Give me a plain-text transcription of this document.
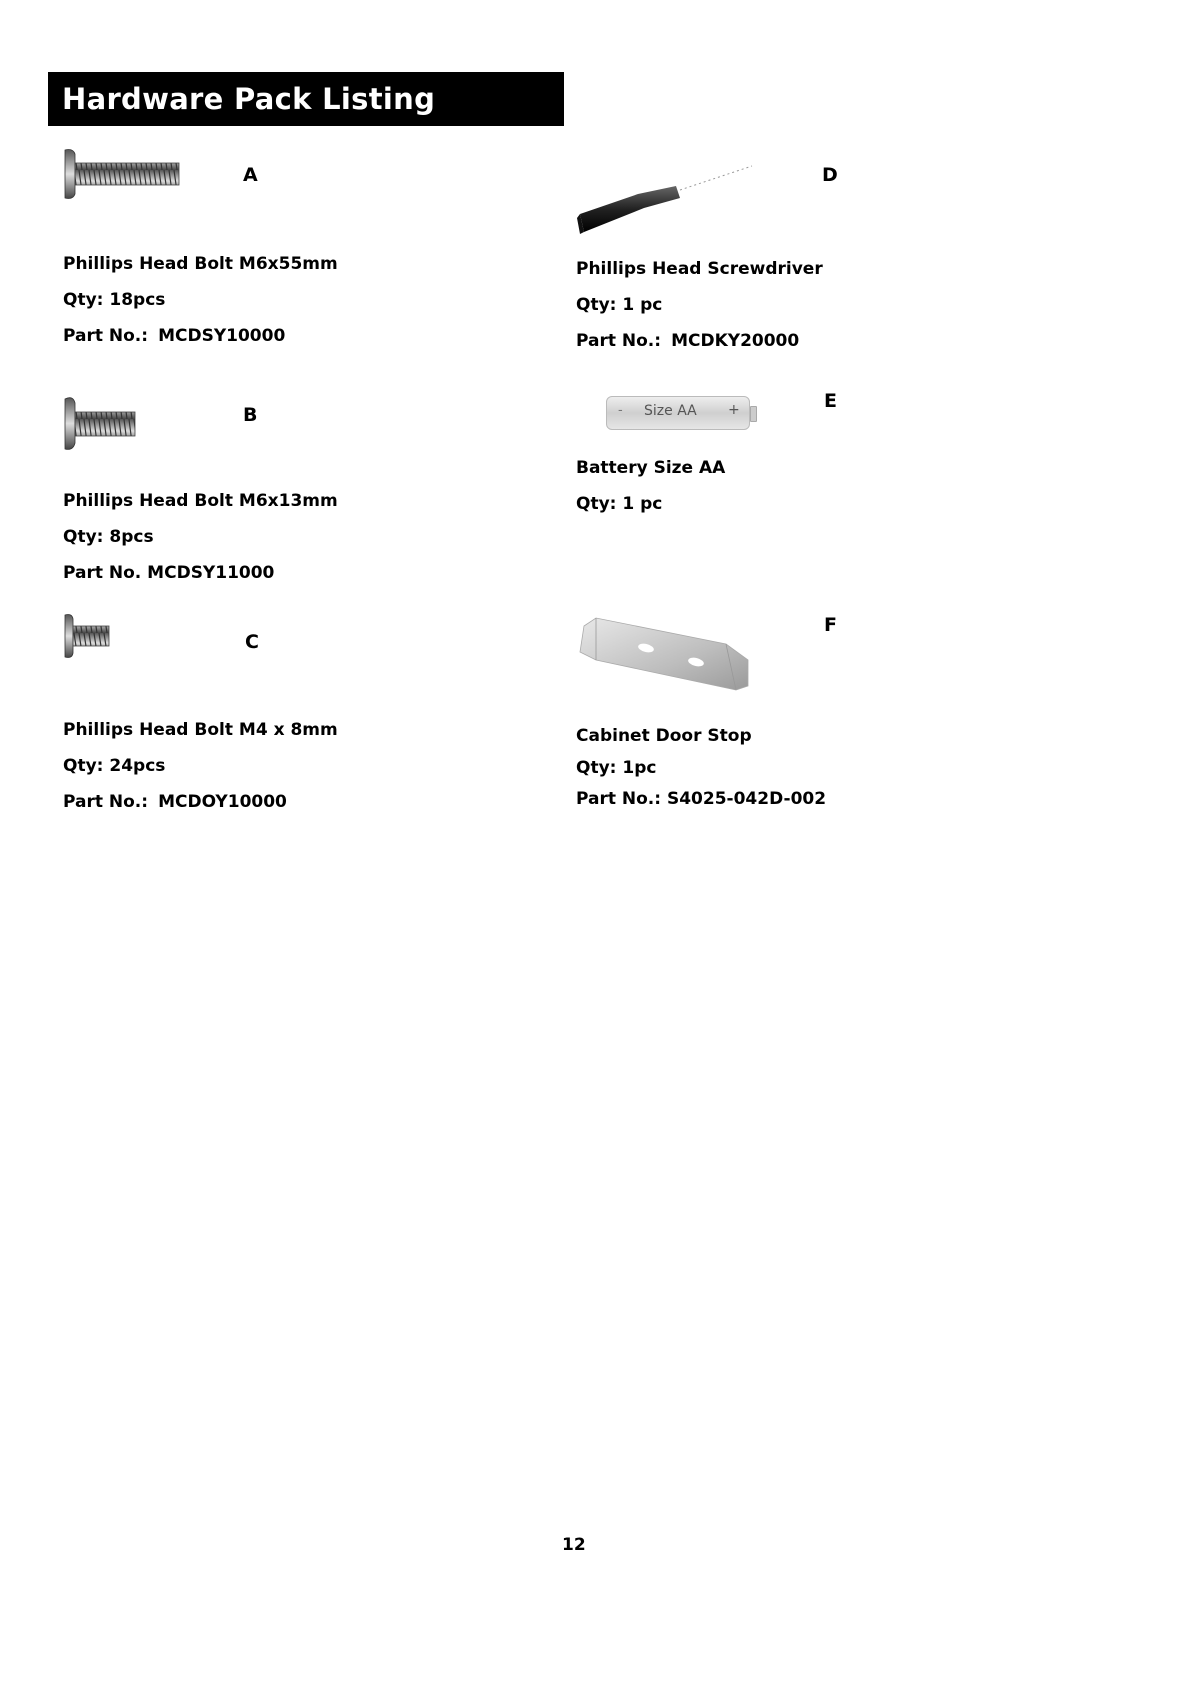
Hardware Pack Listing
A
Phillips Head Bolt M6x55mm
Qty: 18pcs
Part No.: MCDSY10000
B
Phillips Head Bolt M6x13mm
Qty: 8pcs
Part No. MCDSY11000
C
Phillips Head Bolt M4 x 8mm
Qty: 24pcs
Part No.: MCDOY10000
D
Phillips Head Screwdriver
Qty: 1 pc
Part No.: MCDKY20000
- Size AA +	E
Battery Size AA
Qty: 1 pc
F
Cabinet Door Stop
Qty: 1pc
Part No.: S4025-042D-002
12
